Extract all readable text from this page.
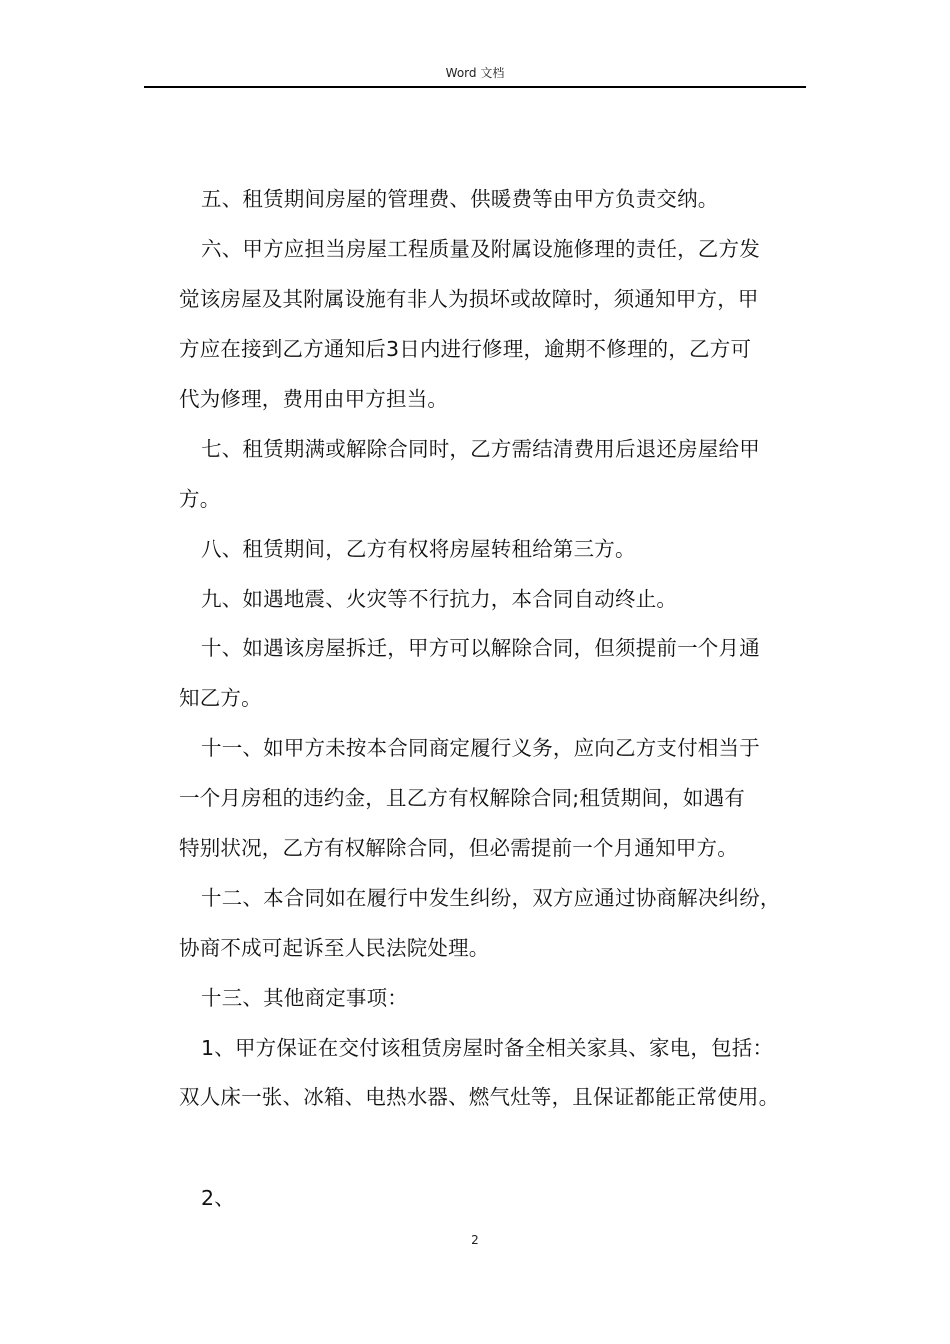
Word 文档
五、租赁期间房屋的管理费、供暖费等由甲方负责交纳。
六、甲方应担当房屋工程质量及附属设施修理的责任，乙方发
觉该房屋及其附属设施有非人为损坏或故障时，须通知甲方，甲
方应在接到乙方通知后3日内进行修理，逾期不修理的，乙方可
代为修理，费用由甲方担当。
七、租赁期满或解除合同时，乙方需结清费用后退还房屋给甲
方。
八、租赁期间，乙方有权将房屋转租给第三方。
九、如遇地震、火灾等不行抗力，本合同自动终止。
十、如遇该房屋拆迁，甲方可以解除合同，但须提前一个月通
知乙方。
十一、如甲方未按本合同商定履行义务，应向乙方支付相当于
一个月房租的违约金，且乙方有权解除合同;租赁期间，如遇有
特别状况，乙方有权解除合同，但必需提前一个月通知甲方。
十二、本合同如在履行中发生纠纷，双方应通过协商解决纠纷，
协商不成可起诉至人民法院处理。
十三、其他商定事项：
1、甲方保证在交付该租赁房屋时备全相关家具、家电，包括：
双人床一张、冰箱、电热水器、燃气灶等，且保证都能正常使用。
2、
2
